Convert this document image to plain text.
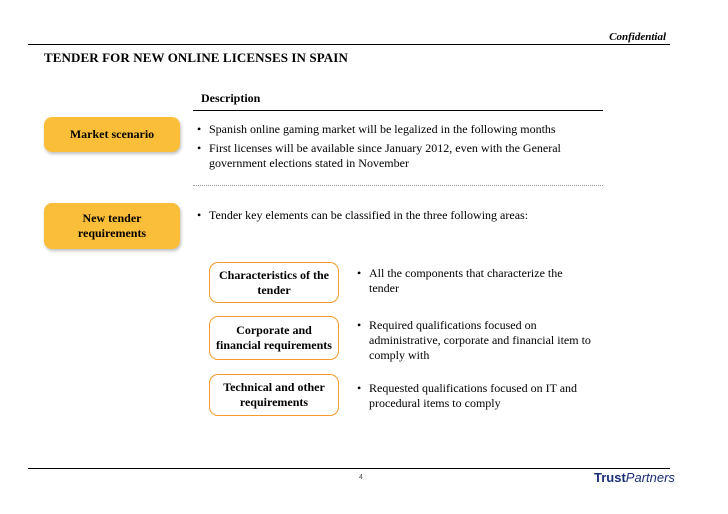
Confidential
TENDER FOR NEW ONLINE LICENSES IN SPAIN
Description
Market scenario
•	Spanish online gaming market will be legalized in the following months
• First licenses will be available since January 2012, even with the General government elections stated in November
New tender
requirements
• Tender key elements can be classified in the three following areas:
Characteristics of the
tender
• All the components that characterize the tender
Corporate and
financial requirements
• Required qualifications focused on administrative, corporate and financial item to comply with
Technical and other
requirements
• Requested qualifications focused on IT and procedural items to comply
4	TrustPartners
